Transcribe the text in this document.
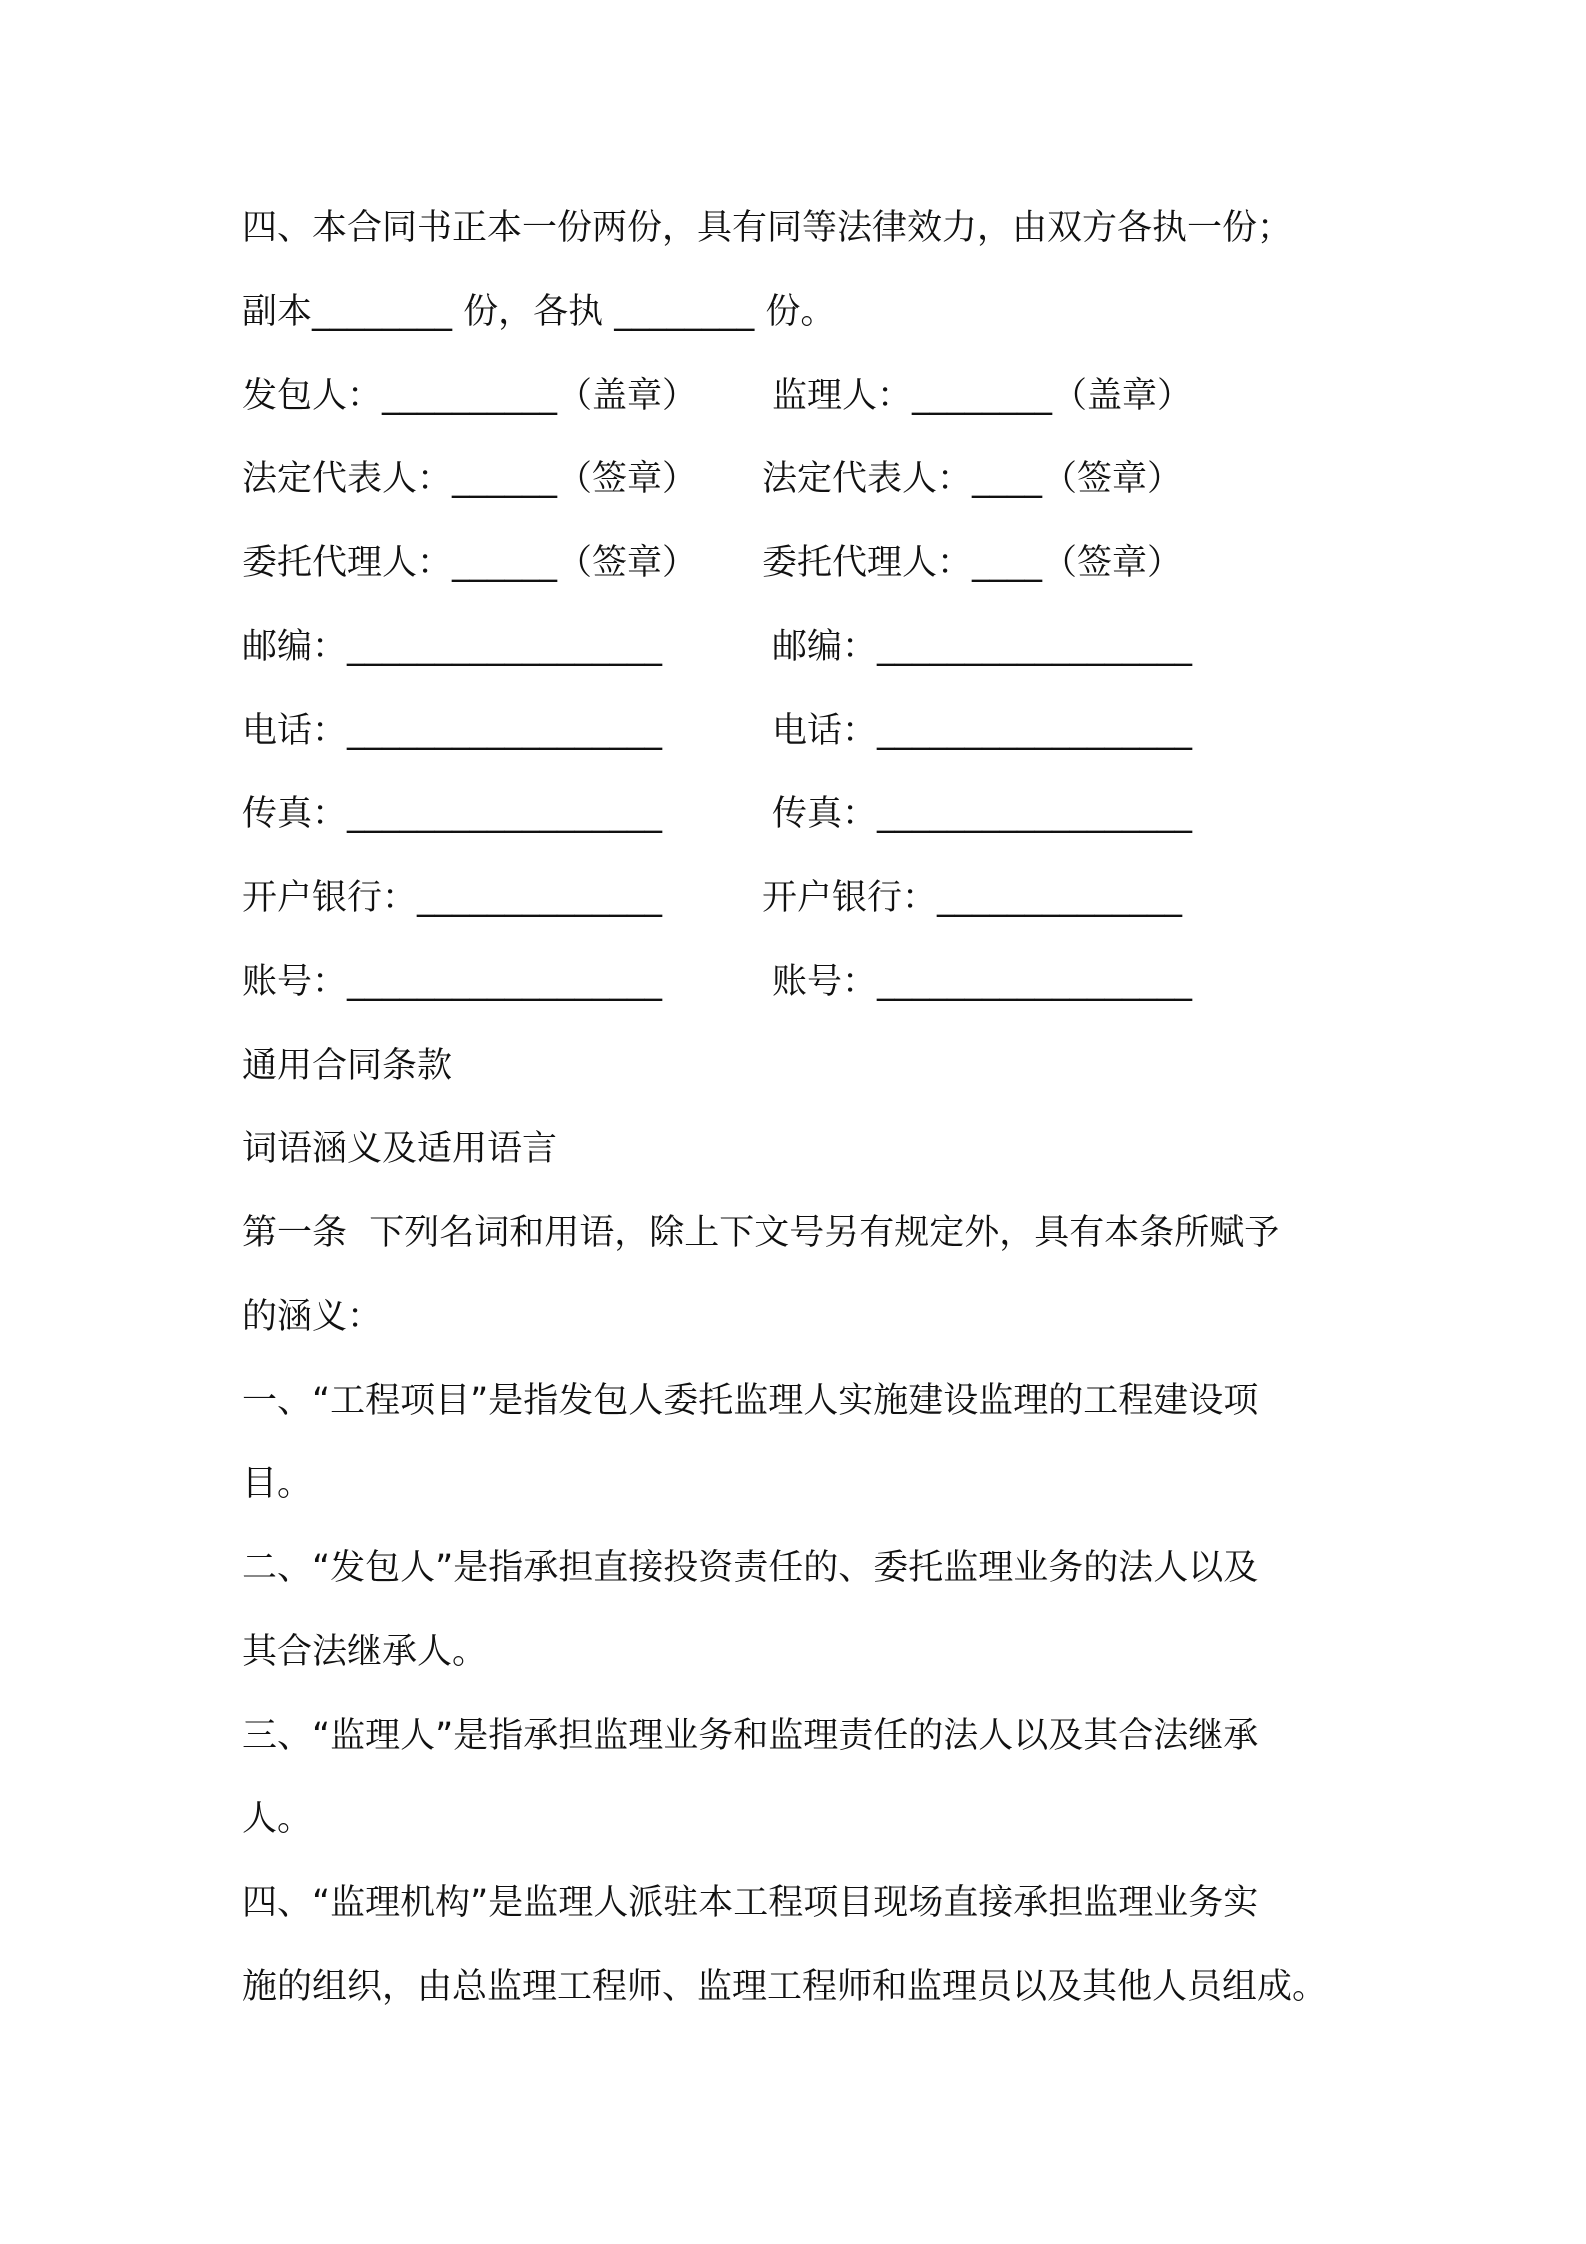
四、本合同书正本一份两份，具有同等法律效力，由双方各执一份；

副本________ 份，各执 ________ 份。

发包人：__________（盖章） 监理人：________（盖章）

法定代表人：______（签章） 法定代表人：____（签章）

委托代理人：______（签章） 委托代理人：____（签章）

邮编：__________________	邮编：__________________

电话：__________________	电话：__________________

传真：__________________	传真：__________________

开户银行：______________	开户银行：______________

账号：__________________	账号：__________________

通用合同条款

词语涵义及适用语言

第一条  下列名词和用语，除上下文号另有规定外，具有本条所赋予

的涵义：

一、“工程项目”是指发包人委托监理人实施建设监理的工程建设项

目。

二、“发包人”是指承担直接投资责任的、委托监理业务的法人以及

其合法继承人。

三、“监理人”是指承担监理业务和监理责任的法人以及其合法继承

人。

四、“监理机构”是监理人派驻本工程项目现场直接承担监理业务实

施的组织，由总监理工程师、监理工程师和监理员以及其他人员组成。
